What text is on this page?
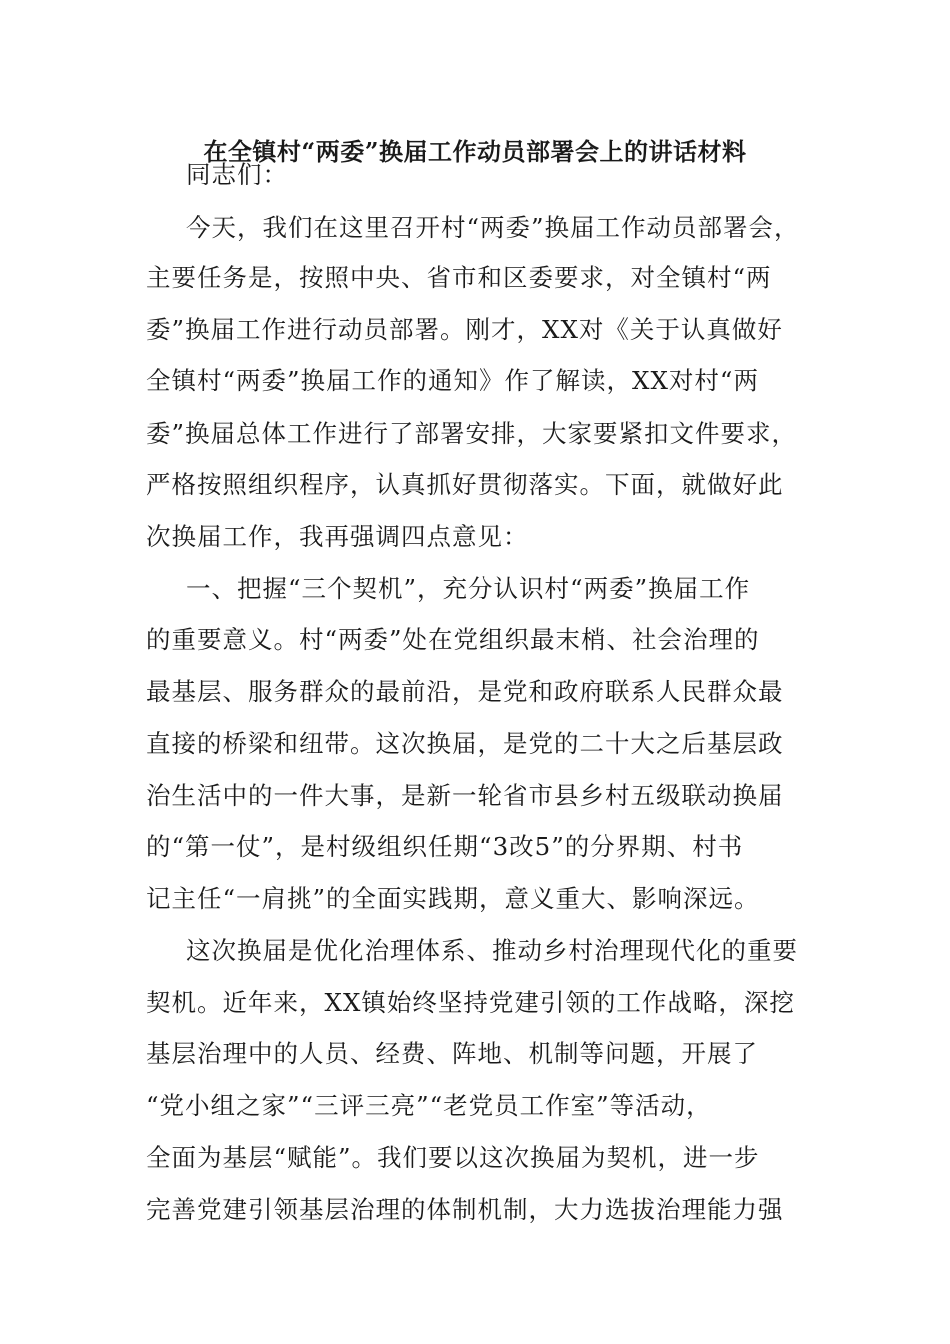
在全镇村“两委”换届工作动员部署会上的讲话材料
同志们：
今天，我们在这里召开村“两委”换届工作动员部署会，
主要任务是，按照中央、省市和区委要求，对全镇村“两
委”换届工作进行动员部署。刚才，XX对《关于认真做好
全镇村“两委”换届工作的通知》作了解读，XX对村“两
委”换届总体工作进行了部署安排，大家要紧扣文件要求，
严格按照组织程序，认真抓好贯彻落实。下面，就做好此
次换届工作，我再强调四点意见：
一、把握“三个契机”，充分认识村“两委”换届工作
的重要意义。村“两委”处在党组织最末梢、社会治理的
最基层、服务群众的最前沿，是党和政府联系人民群众最
直接的桥梁和纽带。这次换届，是党的二十大之后基层政
治生活中的一件大事，是新一轮省市县乡村五级联动换届
的“第一仗”，是村级组织任期“3改5”的分界期、村书
记主任“一肩挑”的全面实践期，意义重大、影响深远。
这次换届是优化治理体系、推动乡村治理现代化的重要
契机。近年来，XX镇始终坚持党建引领的工作战略，深挖
基层治理中的人员、经费、阵地、机制等问题，开展了
“党小组之家”“三评三亮”“老党员工作室”等活动，
全面为基层“赋能”。我们要以这次换届为契机，进一步
完善党建引领基层治理的体制机制，大力选拔治理能力强
